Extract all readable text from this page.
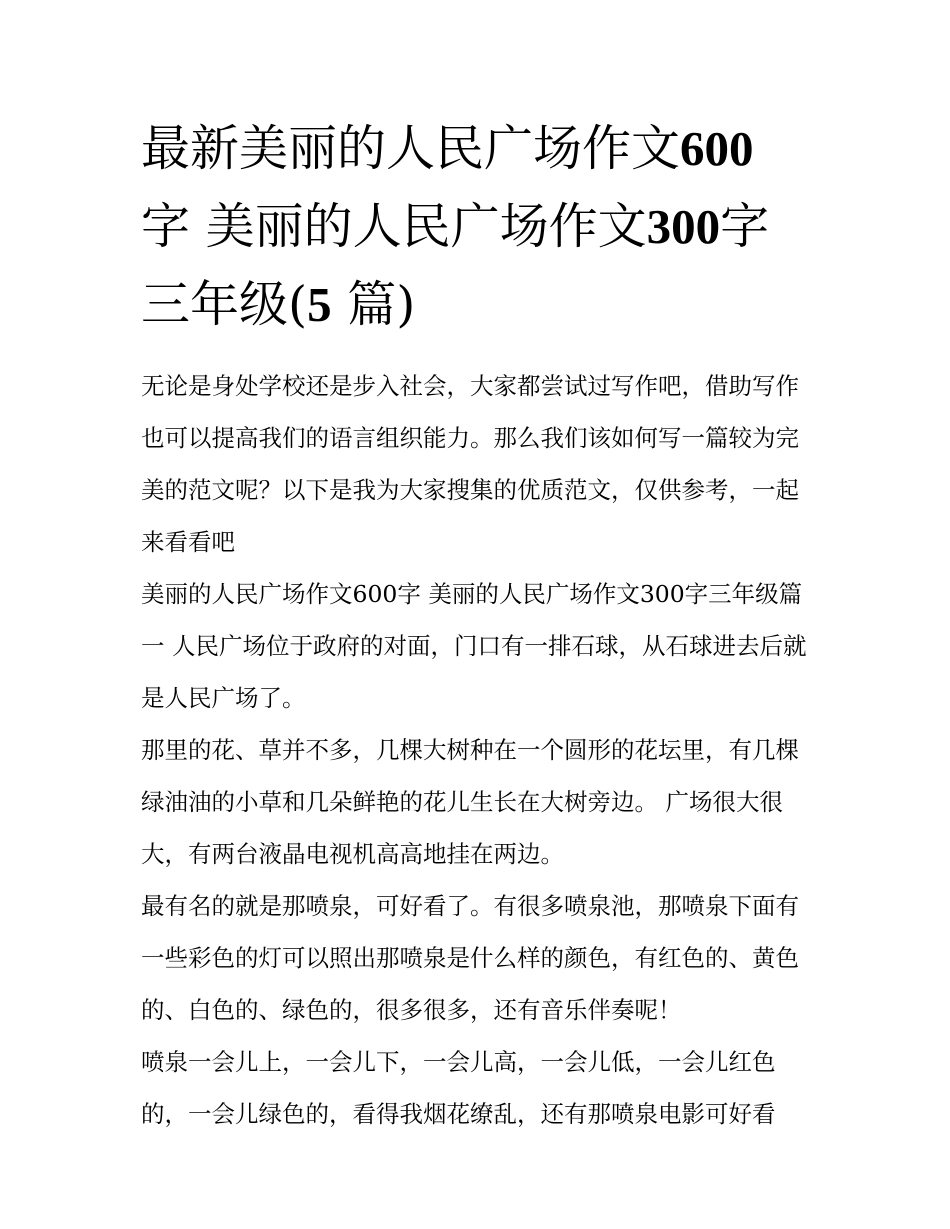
最新美丽的人民广场作文600
字 美丽的人民广场作文300字三年级(5 篇)

无论是身处学校还是步入社会，大家都尝试过写作吧，借助写作也可以提高我们的语言组织能力。那么我们该如何写一篇较为完美的范文呢？以下是我为大家搜集的优质范文，仅供参考，一起来看看吧

美丽的人民广场作文600字 美丽的人民广场作文300字三年级篇一 人民广场位于政府的对面，门口有一排石球，从石球进去后就是人民广场了。

那里的花、草并不多，几棵大树种在一个圆形的花坛里，有几棵绿油油的小草和几朵鲜艳的花儿生长在大树旁边。 广场很大很大，有两台液晶电视机高高地挂在两边。

最有名的就是那喷泉，可好看了。有很多喷泉池，那喷泉下面有一些彩色的灯可以照出那喷泉是什么样的颜色，有红色的、黄色的、白色的、绿色的，很多很多，还有音乐伴奏呢！

喷泉一会儿上，一会儿下，一会儿高，一会儿低，一会儿红色的，一会儿绿色的，看得我烟花缭乱，还有那喷泉电影可好看
